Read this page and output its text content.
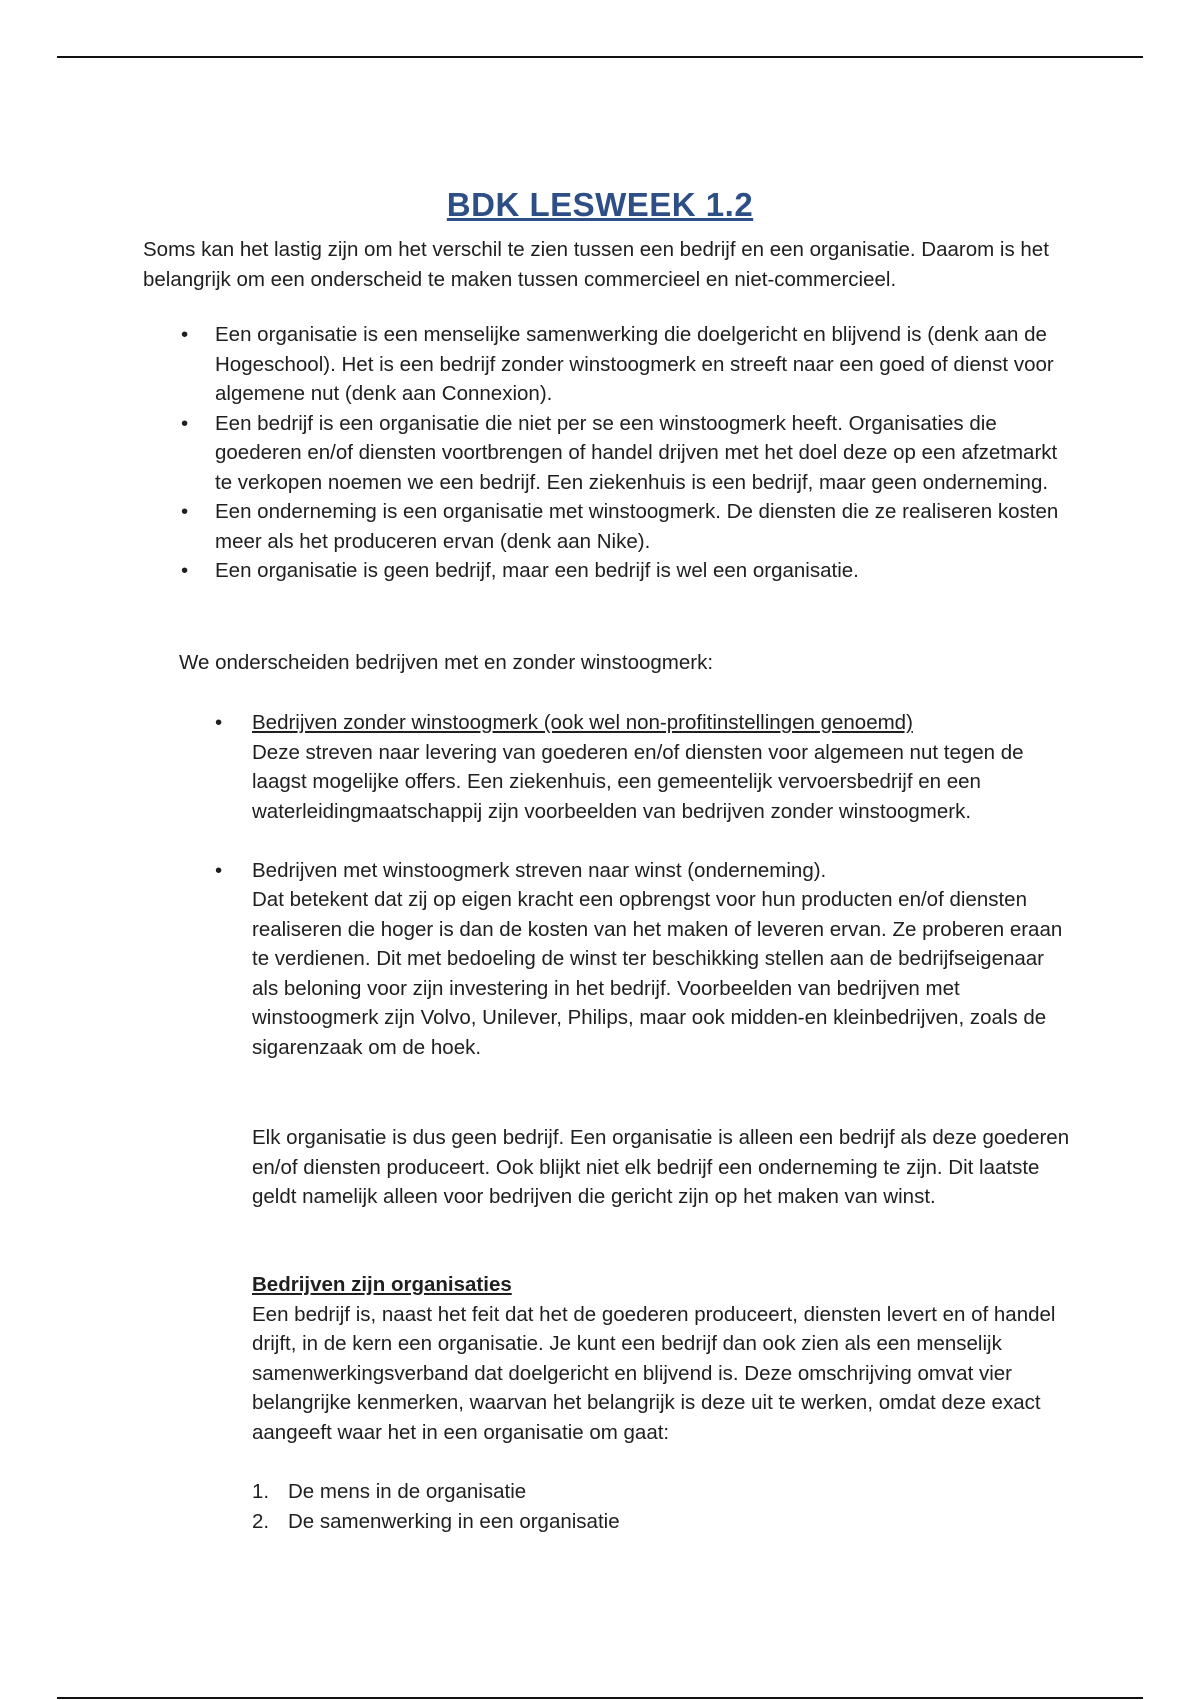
BDK LESWEEK 1.2
Soms kan het lastig zijn om het verschil te zien tussen een bedrijf en een organisatie. Daarom is het belangrijk om een onderscheid te maken tussen commercieel en niet-commercieel.
• Een organisatie is een menselijke samenwerking die doelgericht en blijvend is (denk aan de Hogeschool). Het is een bedrijf zonder winstoogmerk en streeft naar een goed of dienst voor algemene nut (denk aan Connexion).
• Een bedrijf is een organisatie die niet per se een winstoogmerk heeft. Organisaties die goederen en/of diensten voortbrengen of handel drijven met het doel deze op een afzetmarkt te verkopen noemen we een bedrijf. Een ziekenhuis is een bedrijf, maar geen onderneming.
• Een onderneming is een organisatie met winstoogmerk. De diensten die ze realiseren kosten meer als het produceren ervan (denk aan Nike).
• Een organisatie is geen bedrijf, maar een bedrijf is wel een organisatie.
We onderscheiden bedrijven met en zonder winstoogmerk:
• Bedrijven zonder winstoogmerk (ook wel non-profitinstellingen genoemd)
Deze streven naar levering van goederen en/of diensten voor algemeen nut tegen de laagst mogelijke offers. Een ziekenhuis, een gemeentelijk vervoersbedrijf en een waterleidingmaatschappij zijn voorbeelden van bedrijven zonder winstoogmerk.
• Bedrijven met winstoogmerk streven naar winst (onderneming).
Dat betekent dat zij op eigen kracht een opbrengst voor hun producten en/of diensten realiseren die hoger is dan de kosten van het maken of leveren ervan. Ze proberen eraan te verdienen. Dit met bedoeling de winst ter beschikking stellen aan de bedrijfseigenaar als beloning voor zijn investering in het bedrijf. Voorbeelden van bedrijven met winstoogmerk zijn Volvo, Unilever, Philips, maar ook midden-en kleinbedrijven, zoals de sigarenzaak om de hoek.
Elk organisatie is dus geen bedrijf. Een organisatie is alleen een bedrijf als deze goederen en/of diensten produceert. Ook blijkt niet elk bedrijf een onderneming te zijn. Dit laatste geldt namelijk alleen voor bedrijven die gericht zijn op het maken van winst.
Bedrijven zijn organisaties
Een bedrijf is, naast het feit dat het de goederen produceert, diensten levert en of handel drijft, in de kern een organisatie. Je kunt een bedrijf dan ook zien als een menselijk samenwerkingsverband dat doelgericht en blijvend is. Deze omschrijving omvat vier belangrijke kenmerken, waarvan het belangrijk is deze uit te werken, omdat deze exact aangeeft waar het in een organisatie om gaat:
1. De mens in de organisatie
2. De samenwerking in een organisatie
